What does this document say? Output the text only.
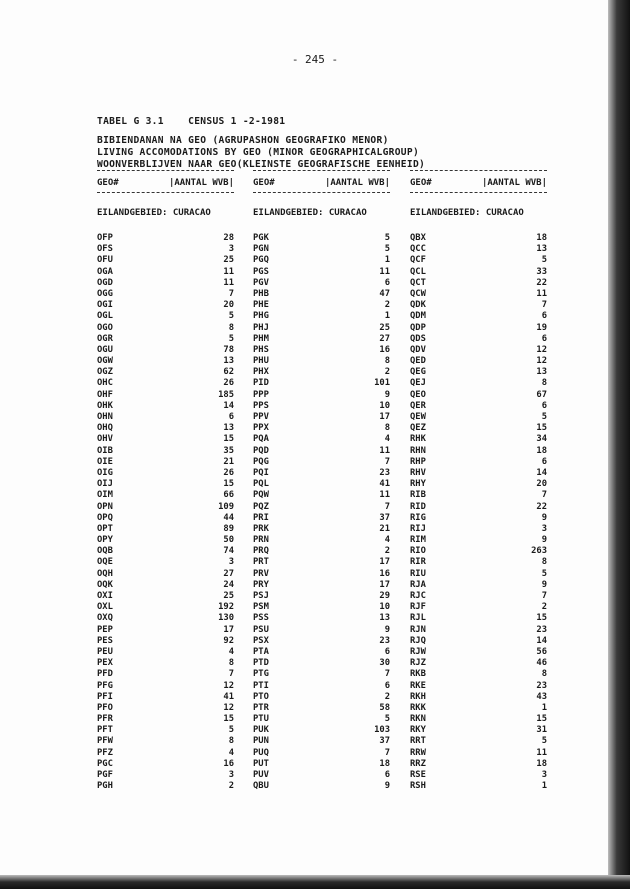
- 245 -
TABEL G 3.1    CENSUS 1 -2-1981
BIBIENDANAN NA GEO (AGRUPASHON GEOGRAFIKO MENOR)
LIVING ACCOMODATIONS BY GEO (MINOR GEOGRAPHICALGROUP)
WOONVERBLIJVEN NAAR GEO(KLEINSTE GEOGRAFISCHE EENHEID)
GEO#	|AANTAL WVB|
EILANDGEBIED: CURACAO
OFP	28
OFS	3
OFU	25
OGA	11
OGD	11
OGG	7
OGI	20
OGL	5
OGO	8
OGR	5
OGU	78
OGW	13
OGZ	62
OHC	26
OHF	185
OHK	14
OHN	6
OHQ	13
OHV	15
OIB	35
OIE	21
OIG	26
OIJ	15
OIM	66
OPN	109
OPQ	44
OPT	89
OPY	50
OQB	74
OQE	3
OQH	27
OQK	24
OXI	25
OXL	192
OXQ	130
PEP	17
PES	92
PEU	4
PEX	8
PFD	7
PFG	12
PFI	41
PFO	12
PFR	15
PFT	5
PFW	8
PFZ	4
PGC	16
PGF	3
PGH	2
GEO#	|AANTAL WVB|
EILANDGEBIED: CURACAO
PGK	5
PGN	5
PGQ	1
PGS	11
PGV	6
PHB	47
PHE	2
PHG	1
PHJ	25
PHM	27
PHS	16
PHU	8
PHX	2
PID	101
PPP	9
PPS	10
PPV	17
PPX	8
PQA	4
PQD	11
PQG	7
PQI	23
PQL	41
PQW	11
PQZ	7
PRI	37
PRK	21
PRN	4
PRQ	2
PRT	17
PRV	16
PRY	17
PSJ	29
PSM	10
PSS	13
PSU	9
PSX	23
PTA	6
PTD	30
PTG	7
PTI	6
PTO	2
PTR	58
PTU	5
PUK	103
PUN	37
PUQ	7
PUT	18
PUV	6
QBU	9
GEO#	|AANTAL WVB|
EILANDGEBIED: CURACAO
QBX	18
QCC	13
QCF	5
QCL	33
QCT	22
QCW	11
QDK	7
QDM	6
QDP	19
QDS	6
QDV	12
QED	12
QEG	13
QEJ	8
QEO	67
QER	6
QEW	5
QEZ	15
RHK	34
RHN	18
RHP	6
RHV	14
RHY	20
RIB	7
RID	22
RIG	9
RIJ	3
RIM	9
RIO	263
RIR	8
RIU	5
RJA	9
RJC	7
RJF	2
RJL	15
RJN	23
RJQ	14
RJW	56
RJZ	46
RKB	8
RKE	23
RKH	43
RKK	1
RKN	15
RKY	31
RRT	5
RRW	11
RRZ	18
RSE	3
RSH	1
